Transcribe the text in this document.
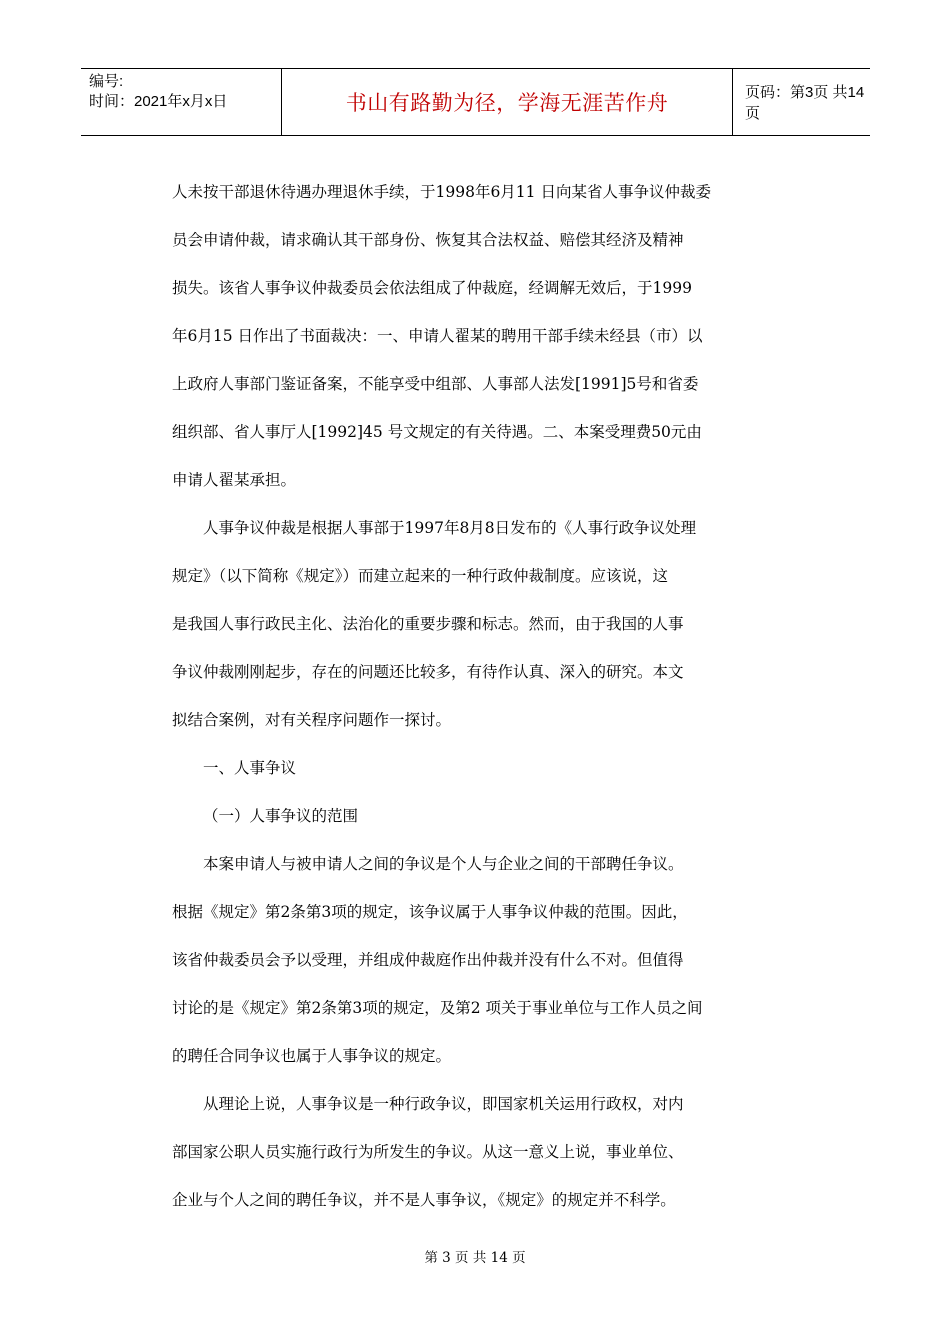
编号:
时间：2021年x月x日	书山有路勤为径，学海无涯苦作舟	页码：第3页 共14页
人未按干部退休待遇办理退休手续，于1998年6月11 日向某省人事争议仲裁委
员会申请仲裁，请求确认其干部身份、恢复其合法权益、赔偿其经济及精神
损失。该省人事争议仲裁委员会依法组成了仲裁庭，经调解无效后，于1999
年6月15 日作出了书面裁决：一、申请人翟某的聘用干部手续未经县（市）以
上政府人事部门鉴证备案，不能享受中组部、人事部人法发[1991]5号和省委
组织部、省人事厅人[1992]45 号文规定的有关待遇。二、本案受理费50元由
申请人翟某承担。
人事争议仲裁是根据人事部于1997年8月8日发布的《人事行政争议处理
规定》（以下简称《规定》）而建立起来的一种行政仲裁制度。应该说，这
是我国人事行政民主化、法治化的重要步骤和标志。然而，由于我国的人事
争议仲裁刚刚起步，存在的问题还比较多，有待作认真、深入的研究。本文
拟结合案例，对有关程序问题作一探讨。
一、人事争议
（一）人事争议的范围
本案申请人与被申请人之间的争议是个人与企业之间的干部聘任争议。
根据《规定》第2条第3项的规定，该争议属于人事争议仲裁的范围。因此，
该省仲裁委员会予以受理，并组成仲裁庭作出仲裁并没有什么不对。但值得
讨论的是《规定》第2条第3项的规定，及第2 项关于事业单位与工作人员之间
的聘任合同争议也属于人事争议的规定。
从理论上说，人事争议是一种行政争议，即国家机关运用行政权，对内
部国家公职人员实施行政行为所发生的争议。从这一意义上说，事业单位、
企业与个人之间的聘任争议，并不是人事争议，《规定》的规定并不科学。
第 3 页 共 14 页
